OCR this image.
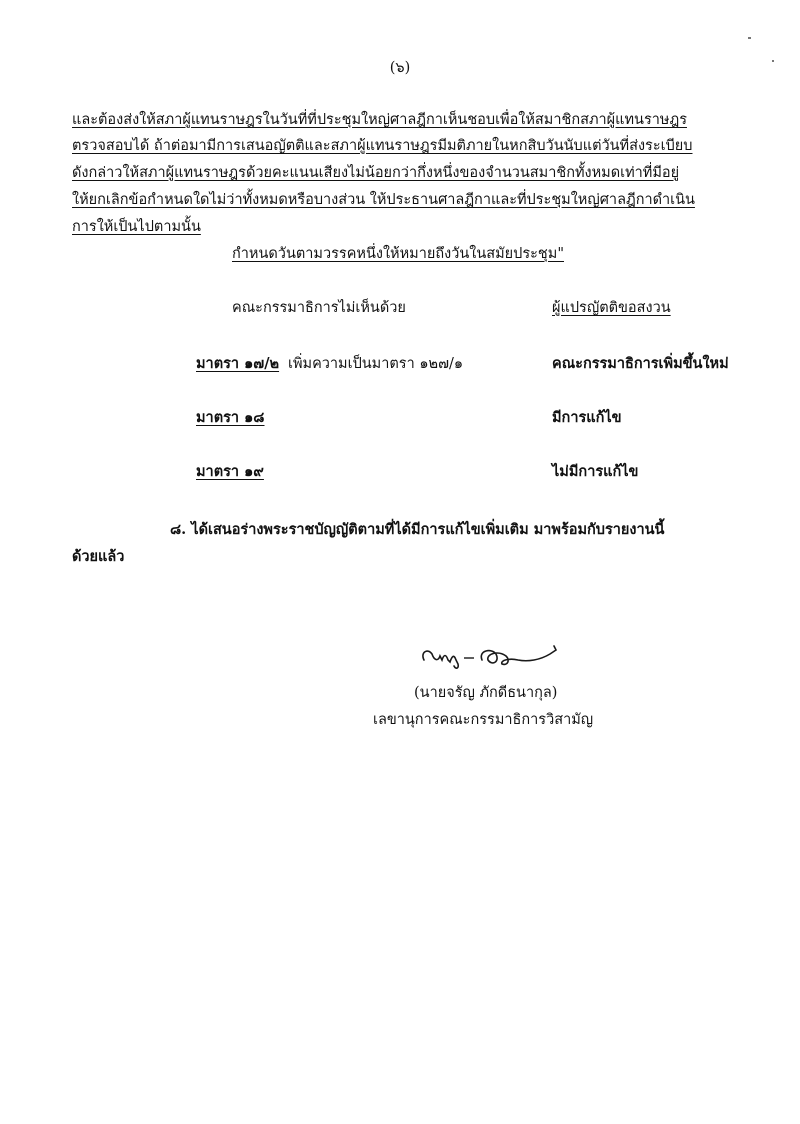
(๖)
และต้องส่งให้สภาผู้แทนราษฎรในวันที่ที่ประชุมใหญ่ศาลฎีกาเห็นชอบเพื่อให้สมาชิกสภาผู้แทนราษฎร
ตรวจสอบได้ ถ้าต่อมามีการเสนอญัตติและสภาผู้แทนราษฎรมีมติภายในหกสิบวันนับแต่วันที่ส่งระเบียบ
ดังกล่าวให้สภาผู้แทนราษฎรด้วยคะแนนเสียงไม่น้อยกว่ากึ่งหนึ่งของจำนวนสมาชิกทั้งหมดเท่าที่มีอยู่
ให้ยกเลิกข้อกำหนดใดไม่ว่าทั้งหมดหรือบางส่วน ให้ประธานศาลฎีกาและที่ประชุมใหญ่ศาลฎีกาดำเนิน
การให้เป็นไปตามนั้น
กำหนดวันตามวรรคหนึ่งให้หมายถึงวันในสมัยประชุม"
คณะกรรมาธิการไม่เห็นด้วย	ผู้แปรญัตติขอสงวน
มาตรา ๑๗/๒ เพิ่มความเป็นมาตรา ๑๒๗/๑	คณะกรรมาธิการเพิ่มขึ้นใหม่
มาตรา ๑๘	มีการแก้ไข
มาตรา ๑๙	ไม่มีการแก้ไข
๘. ได้เสนอร่างพระราชบัญญัติตามที่ได้มีการแก้ไขเพิ่มเติม มาพร้อมกับรายงานนี้
ด้วยแล้ว
(นายจรัญ ภักดีธนากุล)
เลขานุการคณะกรรมาธิการวิสามัญ
